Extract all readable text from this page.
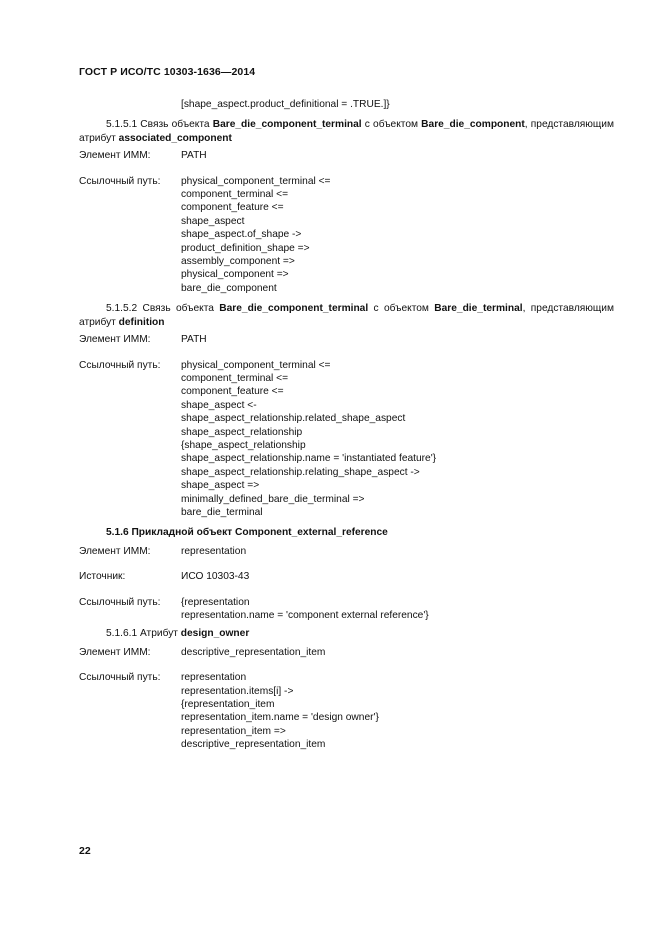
ГОСТ Р ИСО/ТС 10303-1636—2014
[shape_aspect.product_definitional = .TRUE.]}
5.1.5.1 Связь объекта Bare_die_component_terminal с объектом Bare_die_component, представляющим атрибут associated_component
Элемент ИММ:	PATH
Ссылочный путь:	physical_component_terminal <=
component_terminal <=
component_feature <=
shape_aspect
shape_aspect.of_shape ->
product_definition_shape =>
assembly_component =>
physical_component =>
bare_die_component
5.1.5.2 Связь объекта Bare_die_component_terminal с объектом Bare_die_terminal, представляющим атрибут definition
Элемент ИММ:	PATH
Ссылочный путь:	physical_component_terminal <=
component_terminal <=
component_feature <=
shape_aspect <-
shape_aspect_relationship.related_shape_aspect
shape_aspect_relationship
{shape_aspect_relationship
shape_aspect_relationship.name = 'instantiated feature'}
shape_aspect_relationship.relating_shape_aspect ->
shape_aspect =>
minimally_defined_bare_die_terminal =>
bare_die_terminal
5.1.6 Прикладной объект Component_external_reference
Элемент ИММ:	representation
Источник:	ИСО 10303-43
Ссылочный путь:	{representation
representation.name = 'component external reference'}
5.1.6.1 Атрибут design_owner
Элемент ИММ:	descriptive_representation_item
Ссылочный путь:	representation
representation.items[i] ->
{representation_item
representation_item.name = 'design owner'}
representation_item =>
descriptive_representation_item
22
